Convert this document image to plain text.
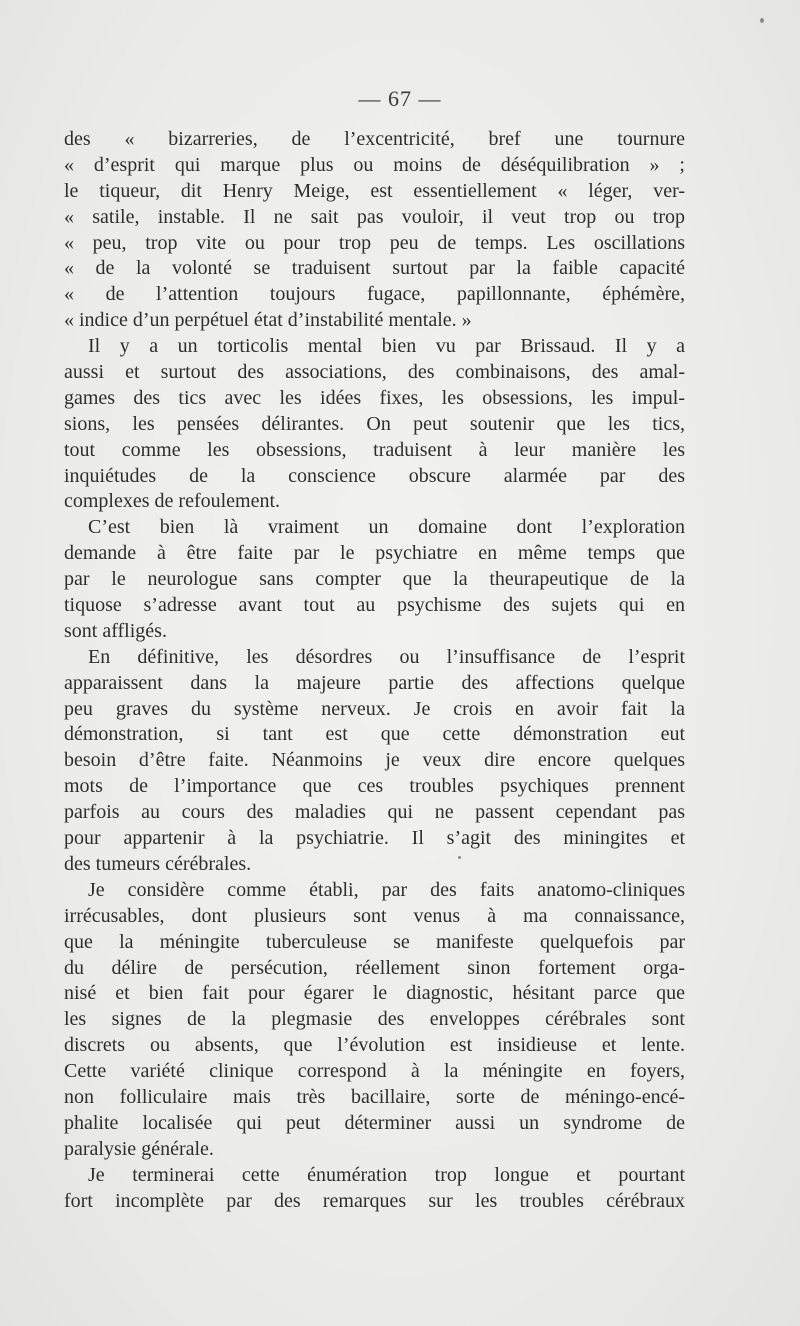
— 67 —
des « bizarreries, de l’excentricité, bref une tournure
« d’esprit qui marque plus ou moins de déséquilibration » ;
le tiqueur, dit Henry Meige, est essentiellement « léger, ver-
« satile, instable. Il ne sait pas vouloir, il veut trop ou trop
« peu, trop vite ou pour trop peu de temps. Les oscillations
« de la volonté se traduisent surtout par la faible capacité
« de l’attention toujours fugace, papillonnante, éphémère,
« indice d’un perpétuel état d’instabilité mentale. »
Il y a un torticolis mental bien vu par Brissaud. Il y a
aussi et surtout des associations, des combinaisons, des amal-
games des tics avec les idées fixes, les obsessions, les impul-
sions, les pensées délirantes. On peut soutenir que les tics,
tout comme les obsessions, traduisent à leur manière les
inquiétudes de la conscience obscure alarmée par des
complexes de refoulement.
C’est bien là vraiment un domaine dont l’exploration
demande à être faite par le psychiatre en même temps que
par le neurologue sans compter que la theurapeutique de la
tiquose s’adresse avant tout au psychisme des sujets qui en
sont affligés.
En définitive, les désordres ou l’insuffisance de l’esprit
apparaissent dans la majeure partie des affections quelque
peu graves du système nerveux. Je crois en avoir fait la
démonstration, si tant est que cette démonstration eut
besoin d’être faite. Néanmoins je veux dire encore quelques
mots de l’importance que ces troubles psychiques prennent
parfois au cours des maladies qui ne passent cependant pas
pour appartenir à la psychiatrie. Il s’agit des miningites et
des tumeurs cérébrales.
Je considère comme établi, par des faits anatomo-cliniques
irrécusables, dont plusieurs sont venus à ma connaissance,
que la méningite tuberculeuse se manifeste quelquefois par
du délire de persécution, réellement sinon fortement orga-
nisé et bien fait pour égarer le diagnostic, hésitant parce que
les signes de la plegmasie des enveloppes cérébrales sont
discrets ou absents, que l’évolution est insidieuse et lente.
Cette variété clinique correspond à la méningite en foyers,
non folliculaire mais très bacillaire, sorte de méningo-encé-
phalite localisée qui peut déterminer aussi un syndrome de
paralysie générale.
Je terminerai cette énumération trop longue et pourtant
fort incomplète par des remarques sur les troubles cérébraux
